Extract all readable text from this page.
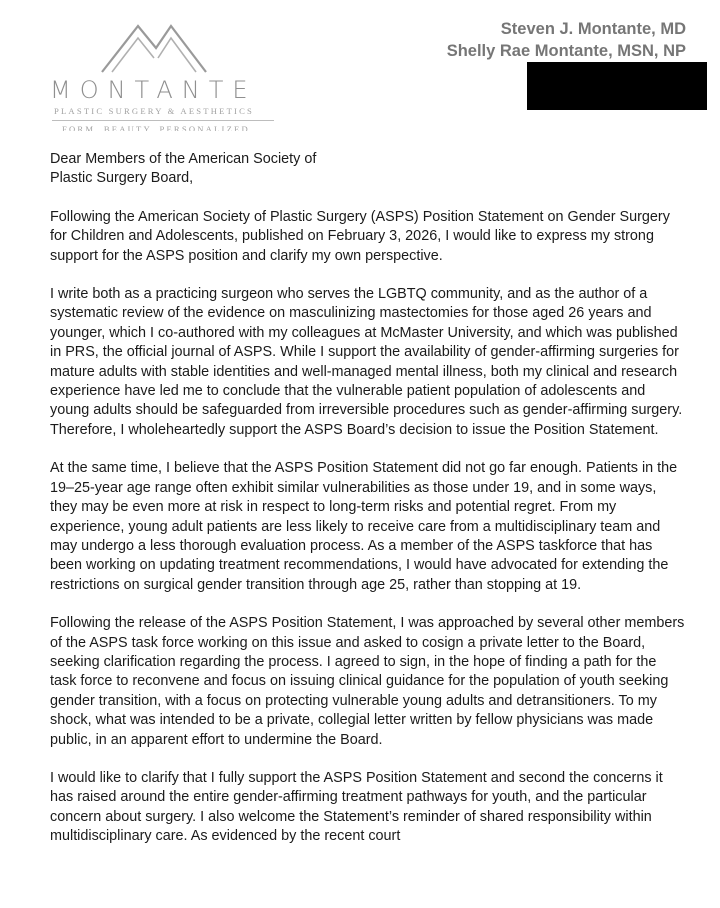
MONTANTE
PLASTIC SURGERY & AESTHETICS
FORM. BEAUTY. PERSONALIZED
Steven J. Montante, MD
Shelly Rae Montante, MSN, NP

Dear Members of the American Society of Plastic Surgery Board,

Following the American Society of Plastic Surgery (ASPS) Position Statement on Gender Surgery for Children and Adolescents, published on February 3, 2026, I would like to express my strong support for the ASPS position and clarify my own perspective.

I write both as a practicing surgeon who serves the LGBTQ community, and as the author of a systematic review of the evidence on masculinizing mastectomies for those aged 26 years and younger, which I co-authored with my colleagues at McMaster University, and which was published in PRS, the official journal of ASPS. While I support the availability of gender-affirming surgeries for mature adults with stable identities and well-managed mental illness, both my clinical and research experience have led me to conclude that the vulnerable patient population of adolescents and young adults should be safeguarded from irreversible procedures such as gender-affirming surgery. Therefore, I wholeheartedly support the ASPS Board’s decision to issue the Position Statement.

At the same time, I believe that the ASPS Position Statement did not go far enough. Patients in the 19–25-year age range often exhibit similar vulnerabilities as those under 19, and in some ways, they may be even more at risk in respect to long-term risks and potential regret. From my experience, young adult patients are less likely to receive care from a multidisciplinary team and may undergo a less thorough evaluation process. As a member of the ASPS taskforce that has been working on updating treatment recommendations, I would have advocated for extending the restrictions on surgical gender transition through age 25, rather than stopping at 19.

Following the release of the ASPS Position Statement, I was approached by several other members of the ASPS task force working on this issue and asked to cosign a private letter to the Board, seeking clarification regarding the process. I agreed to sign, in the hope of finding a path for the task force to reconvene and focus on issuing clinical guidance for the population of youth seeking gender transition, with a focus on protecting vulnerable young adults and detransitioners. To my shock, what was intended to be a private, collegial letter written by fellow physicians was made public, in an apparent effort to undermine the Board.

I would like to clarify that I fully support the ASPS Position Statement and second the concerns it has raised around the entire gender-affirming treatment pathways for youth, and the particular concern about surgery. I also welcome the Statement’s reminder of shared responsibility within multidisciplinary care. As evidenced by the recent court
